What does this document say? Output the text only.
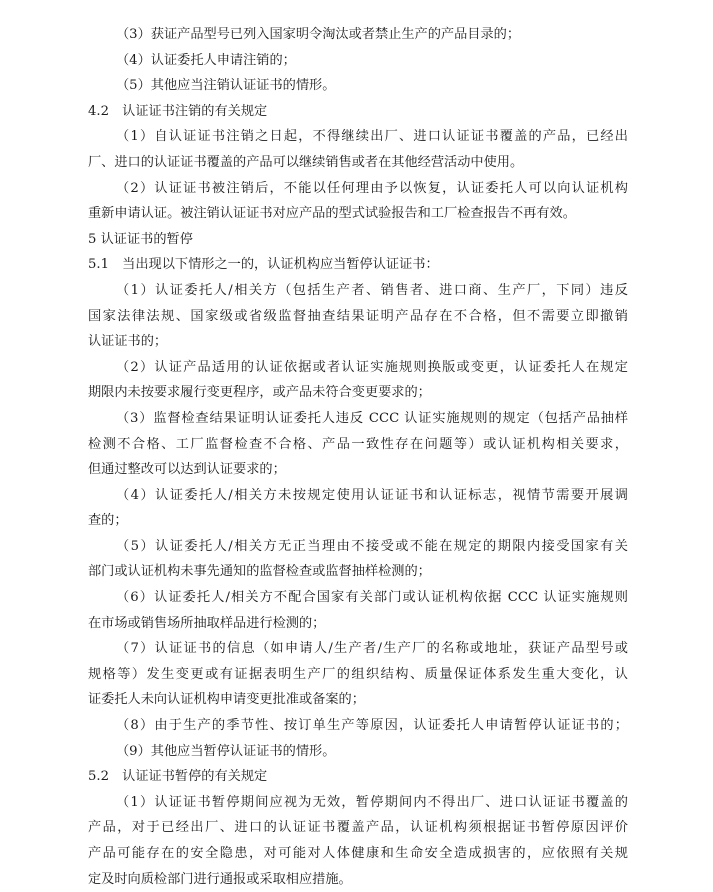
（3）获证产品型号已列入国家明令淘汰或者禁止生产的产品目录的；
（4）认证委托人申请注销的；
（5）其他应当注销认证证书的情形。
4.2　认证证书注销的有关规定
（1）自认证证书注销之日起，不得继续出厂、进口认证证书覆盖的产品，已经出
厂、进口的认证证书覆盖的产品可以继续销售或者在其他经营活动中使用。
（2）认证证书被注销后，不能以任何理由予以恢复，认证委托人可以向认证机构
重新申请认证。被注销认证证书对应产品的型式试验报告和工厂检查报告不再有效。
5 认证证书的暂停
5.1　当出现以下情形之一的，认证机构应当暂停认证证书：
（1）认证委托人/相关方（包括生产者、销售者、进口商、生产厂，下同）违反
国家法律法规、国家级或省级监督抽查结果证明产品存在不合格，但不需要立即撤销
认证证书的；
（2）认证产品适用的认证依据或者认证实施规则换版或变更，认证委托人在规定
期限内未按要求履行变更程序，或产品未符合变更要求的；
（3）监督检查结果证明认证委托人违反 CCC 认证实施规则的规定（包括产品抽样
检测不合格、工厂监督检查不合格、产品一致性存在问题等）或认证机构相关要求，
但通过整改可以达到认证要求的；
（4）认证委托人/相关方未按规定使用认证证书和认证标志，视情节需要开展调
查的；
（5）认证委托人/相关方无正当理由不接受或不能在规定的期限内接受国家有关
部门或认证机构未事先通知的监督检查或监督抽样检测的；
（6）认证委托人/相关方不配合国家有关部门或认证机构依据 CCC 认证实施规则
在市场或销售场所抽取样品进行检测的；
（7）认证证书的信息（如申请人/生产者/生产厂的名称或地址，获证产品型号或
规格等）发生变更或有证据表明生产厂的组织结构、质量保证体系发生重大变化，认
证委托人未向认证机构申请变更批准或备案的；
（8）由于生产的季节性、按订单生产等原因，认证委托人申请暂停认证证书的；
（9）其他应当暂停认证证书的情形。
5.2　认证证书暂停的有关规定
（1）认证证书暂停期间应视为无效，暂停期间内不得出厂、进口认证证书覆盖的
产品，对于已经出厂、进口的认证证书覆盖产品，认证机构须根据证书暂停原因评价
产品可能存在的安全隐患，对可能对人体健康和生命安全造成损害的，应依照有关规
定及时向质检部门进行通报或采取相应措施。
